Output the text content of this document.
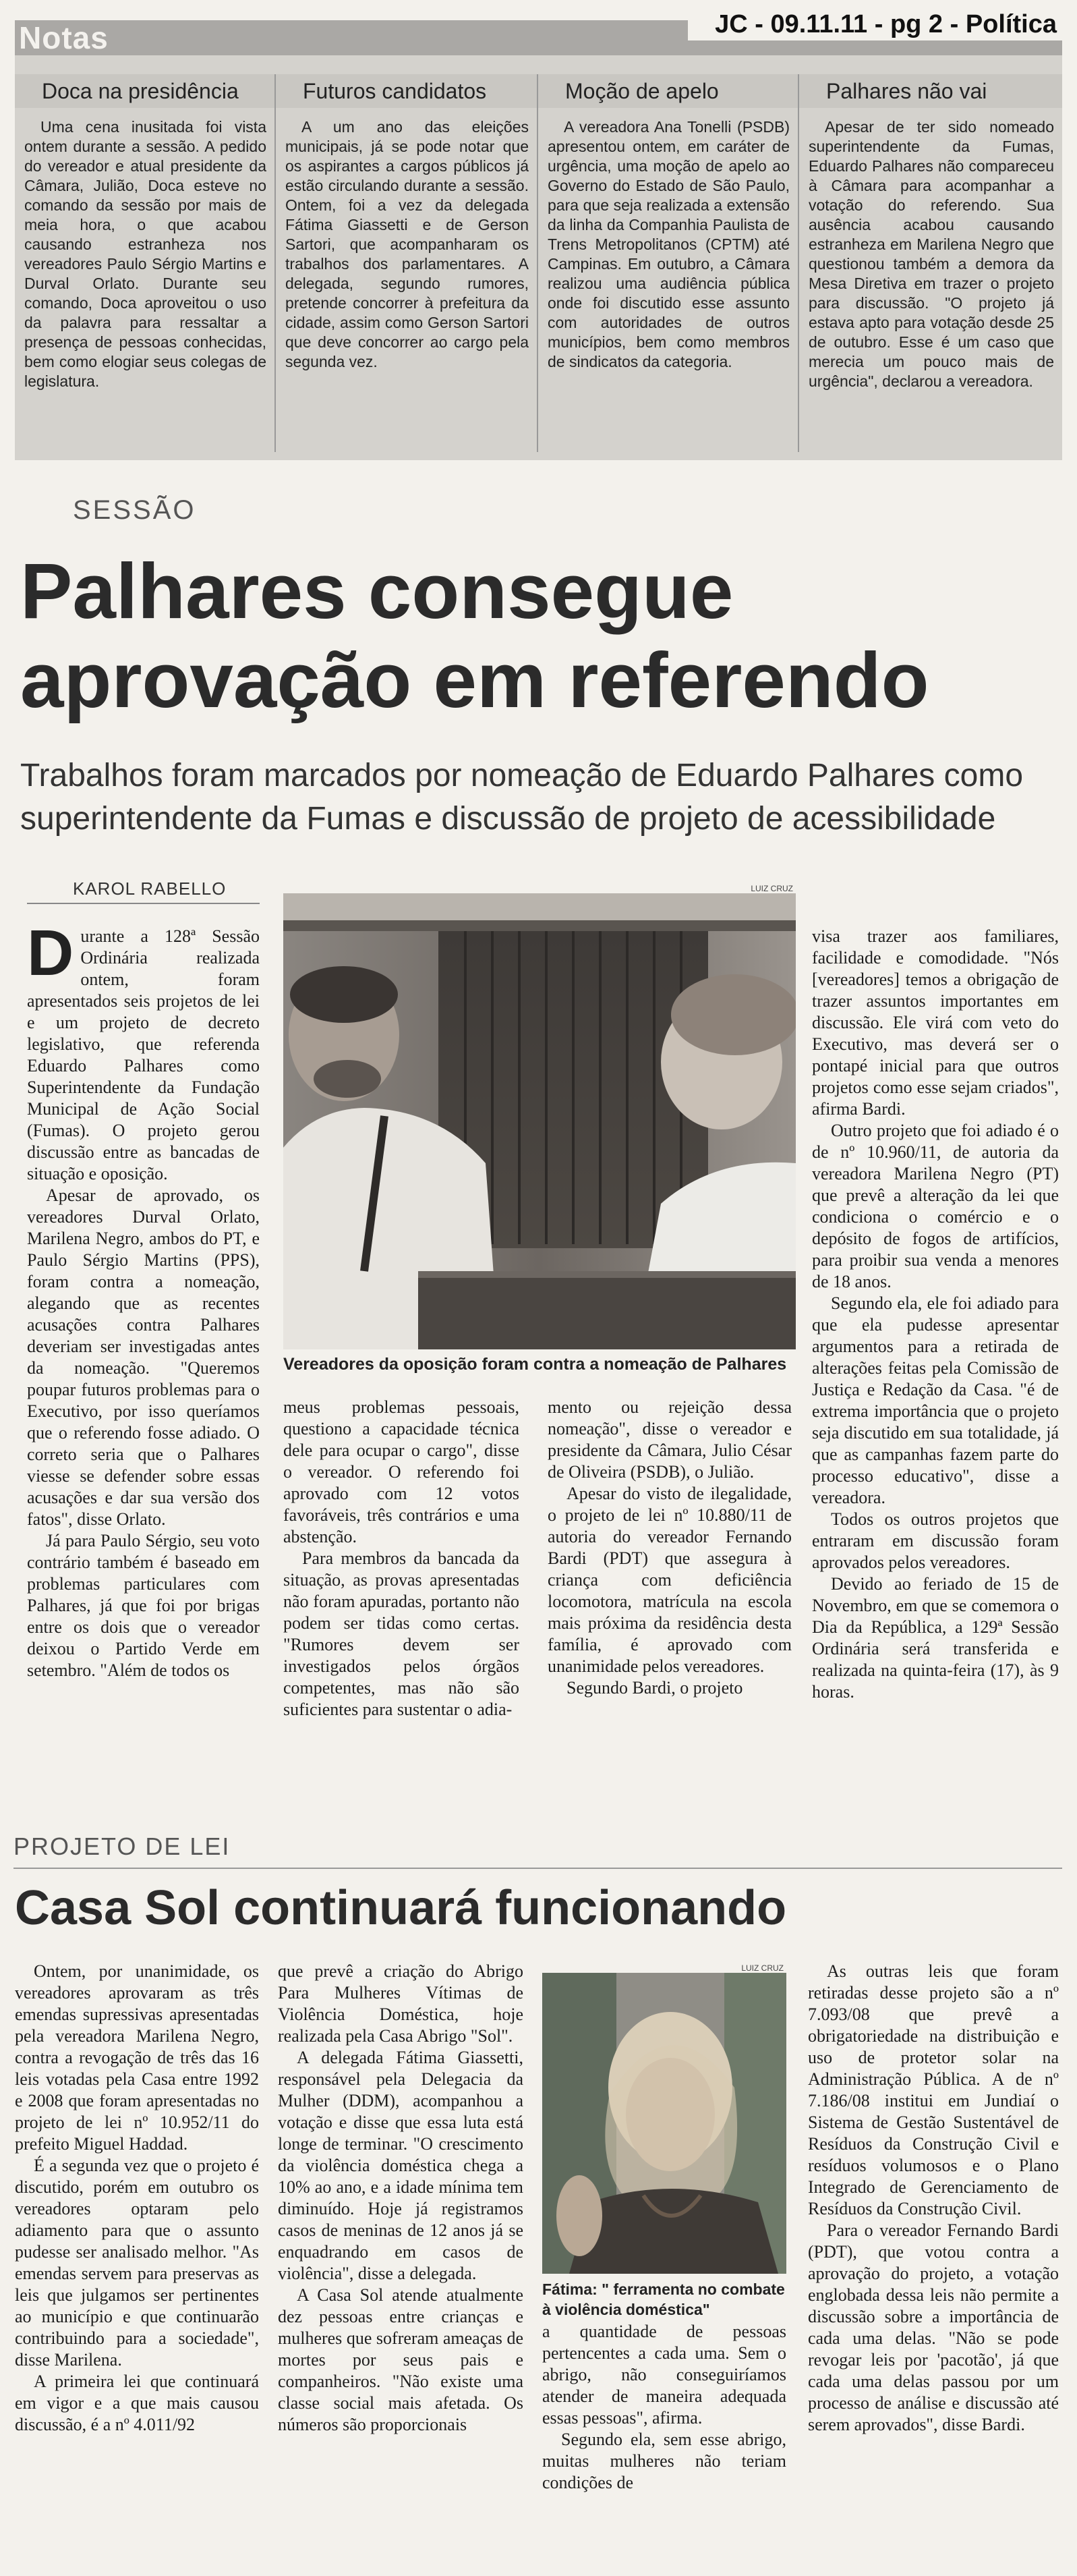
Notas	JC - 09.11.11 - pg 2 - Política
Doca na presidência
Uma cena inusitada foi vista ontem durante a sessão. A pedido do vereador e atual presidente da Câmara, Julião, Doca esteve no comando da sessão por mais de meia hora, o que acabou causando estranheza nos vereadores Paulo Sérgio Martins e Durval Orlato. Durante seu comando, Doca aproveitou o uso da palavra para ressaltar a presença de pessoas conhecidas, bem como elogiar seus colegas de legislatura.
Futuros candidatos
A um ano das eleições municipais, já se pode notar que os aspirantes a cargos públicos já estão circulando durante a sessão. Ontem, foi a vez da delegada Fátima Giassetti e de Gerson Sartori, que acompanharam os trabalhos dos parlamentares. A delegada, segundo rumores, pretende concorrer à prefeitura da cidade, assim como Gerson Sartori que deve concorrer ao cargo pela segunda vez.
Moção de apelo
A vereadora Ana Tonelli (PSDB) apresentou ontem, em caráter de urgência, uma moção de apelo ao Governo do Estado de São Paulo, para que seja realizada a extensão da linha da Companhia Paulista de Trens Metropolitanos (CPTM) até Campinas. Em outubro, a Câmara realizou uma audiência pública onde foi discutido esse assunto com autoridades de outros municípios, bem como membros de sindicatos da categoria.
Palhares não vai
Apesar de ter sido nomeado superintendente da Fumas, Eduardo Palhares não compareceu à Câmara para acompanhar a votação do referendo. Sua ausência acabou causando estranheza em Marilena Negro que questionou também a demora da Mesa Diretiva em trazer o projeto para discussão. "O projeto já estava apto para votação desde 25 de outubro. Esse é um caso que merecia um pouco mais de urgência", declarou a vereadora.
SESSÃO
Palhares consegue
aprovação em referendo
Trabalhos foram marcados por nomeação de Eduardo Palhares como superintendente da Fumas e discussão de projeto de acessibilidade
KAROL RABELLO
D urante a 128ª Sessão Ordinária realizada ontem, foram apresentados seis projetos de lei e um projeto de decreto legislativo, que referenda Eduardo Palhares como Superintendente da Fundação Municipal de Ação Social (Fumas). O projeto gerou discussão entre as bancadas de situação e oposição.

Apesar de aprovado, os vereadores Durval Orlato, Marilena Negro, ambos do PT, e Paulo Sérgio Martins (PPS), foram contra a nomeação, alegando que as recentes acusações contra Palhares deveriam ser investigadas antes da nomeação. "Queremos poupar futuros problemas para o Executivo, por isso queríamos que o referendo fosse adiado. O correto seria que o Palhares viesse se defender sobre essas acusações e dar sua versão dos fatos", disse Orlato.

Já para Paulo Sérgio, seu voto contrário também é baseado em problemas particulares com Palhares, já que foi por brigas entre os dois que o vereador deixou o Partido Verde em setembro. "Além de todos os

LUIZ CRUZ
Vereadores da oposição foram contra a nomeação de Palhares

meus problemas pessoais, questiono a capacidade técnica dele para ocupar o cargo", disse o vereador. O referendo foi aprovado com 12 votos favoráveis, três contrários e uma abstenção.

Para membros da bancada da situação, as provas apresentadas não foram apuradas, portanto não podem ser tidas como certas. "Rumores devem ser investigados pelos órgãos competentes, mas não são suficientes para sustentar o adia-

mento ou rejeição dessa nomeação", disse o vereador e presidente da Câmara, Julio César de Oliveira (PSDB), o Julião.

Apesar do visto de ilegalidade, o projeto de lei nº 10.880/11 de autoria do vereador Fernando Bardi (PDT) que assegura à criança com deficiência locomotora, matrícula na escola mais próxima da residência desta família, é aprovado com unanimidade pelos vereadores.

Segundo Bardi, o projeto

visa trazer aos familiares, facilidade e comodidade. "Nós [vereadores] temos a obrigação de trazer assuntos importantes em discussão. Ele virá com veto do Executivo, mas deverá ser o pontapé inicial para que outros projetos como esse sejam criados", afirma Bardi.

Outro projeto que foi adiado é o de nº 10.960/11, de autoria da vereadora Marilena Negro (PT) que prevê a alteração da lei que condiciona o comércio e o depósito de fogos de artifícios, para proibir sua venda a menores de 18 anos.

Segundo ela, ele foi adiado para que ela pudesse apresentar argumentos para a retirada de alterações feitas pela Comissão de Justiça e Redação da Casa. "é de extrema importância que o projeto seja discutido em sua totalidade, já que as campanhas fazem parte do processo educativo", disse a vereadora.

Todos os outros projetos que entraram em discussão foram aprovados pelos vereadores.

Devido ao feriado de 15 de Novembro, em que se comemora o Dia da República, a 129ª Sessão Ordinária será transferida e realizada na quinta-feira (17), às 9 horas.

PROJETO DE LEI
Casa Sol continuará funcionando

Ontem, por unanimidade, os vereadores aprovaram as três emendas supressivas apresentadas pela vereadora Marilena Negro, contra a revogação de três das 16 leis votadas pela Casa entre 1992 e 2008 que foram apresentadas no projeto de lei nº 10.952/11 do prefeito Miguel Haddad.

É a segunda vez que o projeto é discutido, porém em outubro os vereadores optaram pelo adiamento para que o assunto pudesse ser analisado melhor. "As emendas servem para preservas as leis que julgamos ser pertinentes ao município e que continuarão contribuindo para a sociedade", disse Marilena.

A primeira lei que continuará em vigor e a que mais causou discussão, é a nº 4.011/92

que prevê a criação do Abrigo Para Mulheres Vítimas de Violência Doméstica, hoje realizada pela Casa Abrigo "Sol".

A delegada Fátima Giassetti, responsável pela Delegacia da Mulher (DDM), acompanhou a votação e disse que essa luta está longe de terminar. "O crescimento da violência doméstica chega a 10% ao ano, e a idade mínima tem diminuído. Hoje já registramos casos de meninas de 12 anos já se enquadrando em casos de violência", disse a delegada.

A Casa Sol atende atualmente dez pessoas entre crianças e mulheres que sofreram ameaças de mortes por seus pais e companheiros. "Não existe uma classe social mais afetada. Os números são proporcionais

LUIZ CRUZ
Fátima: " ferramenta no combate à violência doméstica"

a quantidade de pessoas pertencentes a cada uma. Sem o abrigo, não conseguiríamos atender de maneira adequada essas pessoas", afirma.

Segundo ela, sem esse abrigo, muitas mulheres não teriam condições de

As outras leis que foram retiradas desse projeto são a nº 7.093/08 que prevê a obrigatoriedade na distribuição e uso de protetor solar na Administração Pública. A de nº 7.186/08 institui em Jundiaí o Sistema de Gestão Sustentável de Resíduos da Construção Civil e resíduos volumosos e o Plano Integrado de Gerenciamento de Resíduos da Construção Civil.

Para o vereador Fernando Bardi (PDT), que votou contra a aprovação do projeto, a votação englobada dessa leis não permite a discussão sobre a importância de cada uma delas. "Não se pode revogar leis por 'pacotão', já que cada uma delas passou por um processo de análise e discussão até serem aprovados", disse Bardi.
